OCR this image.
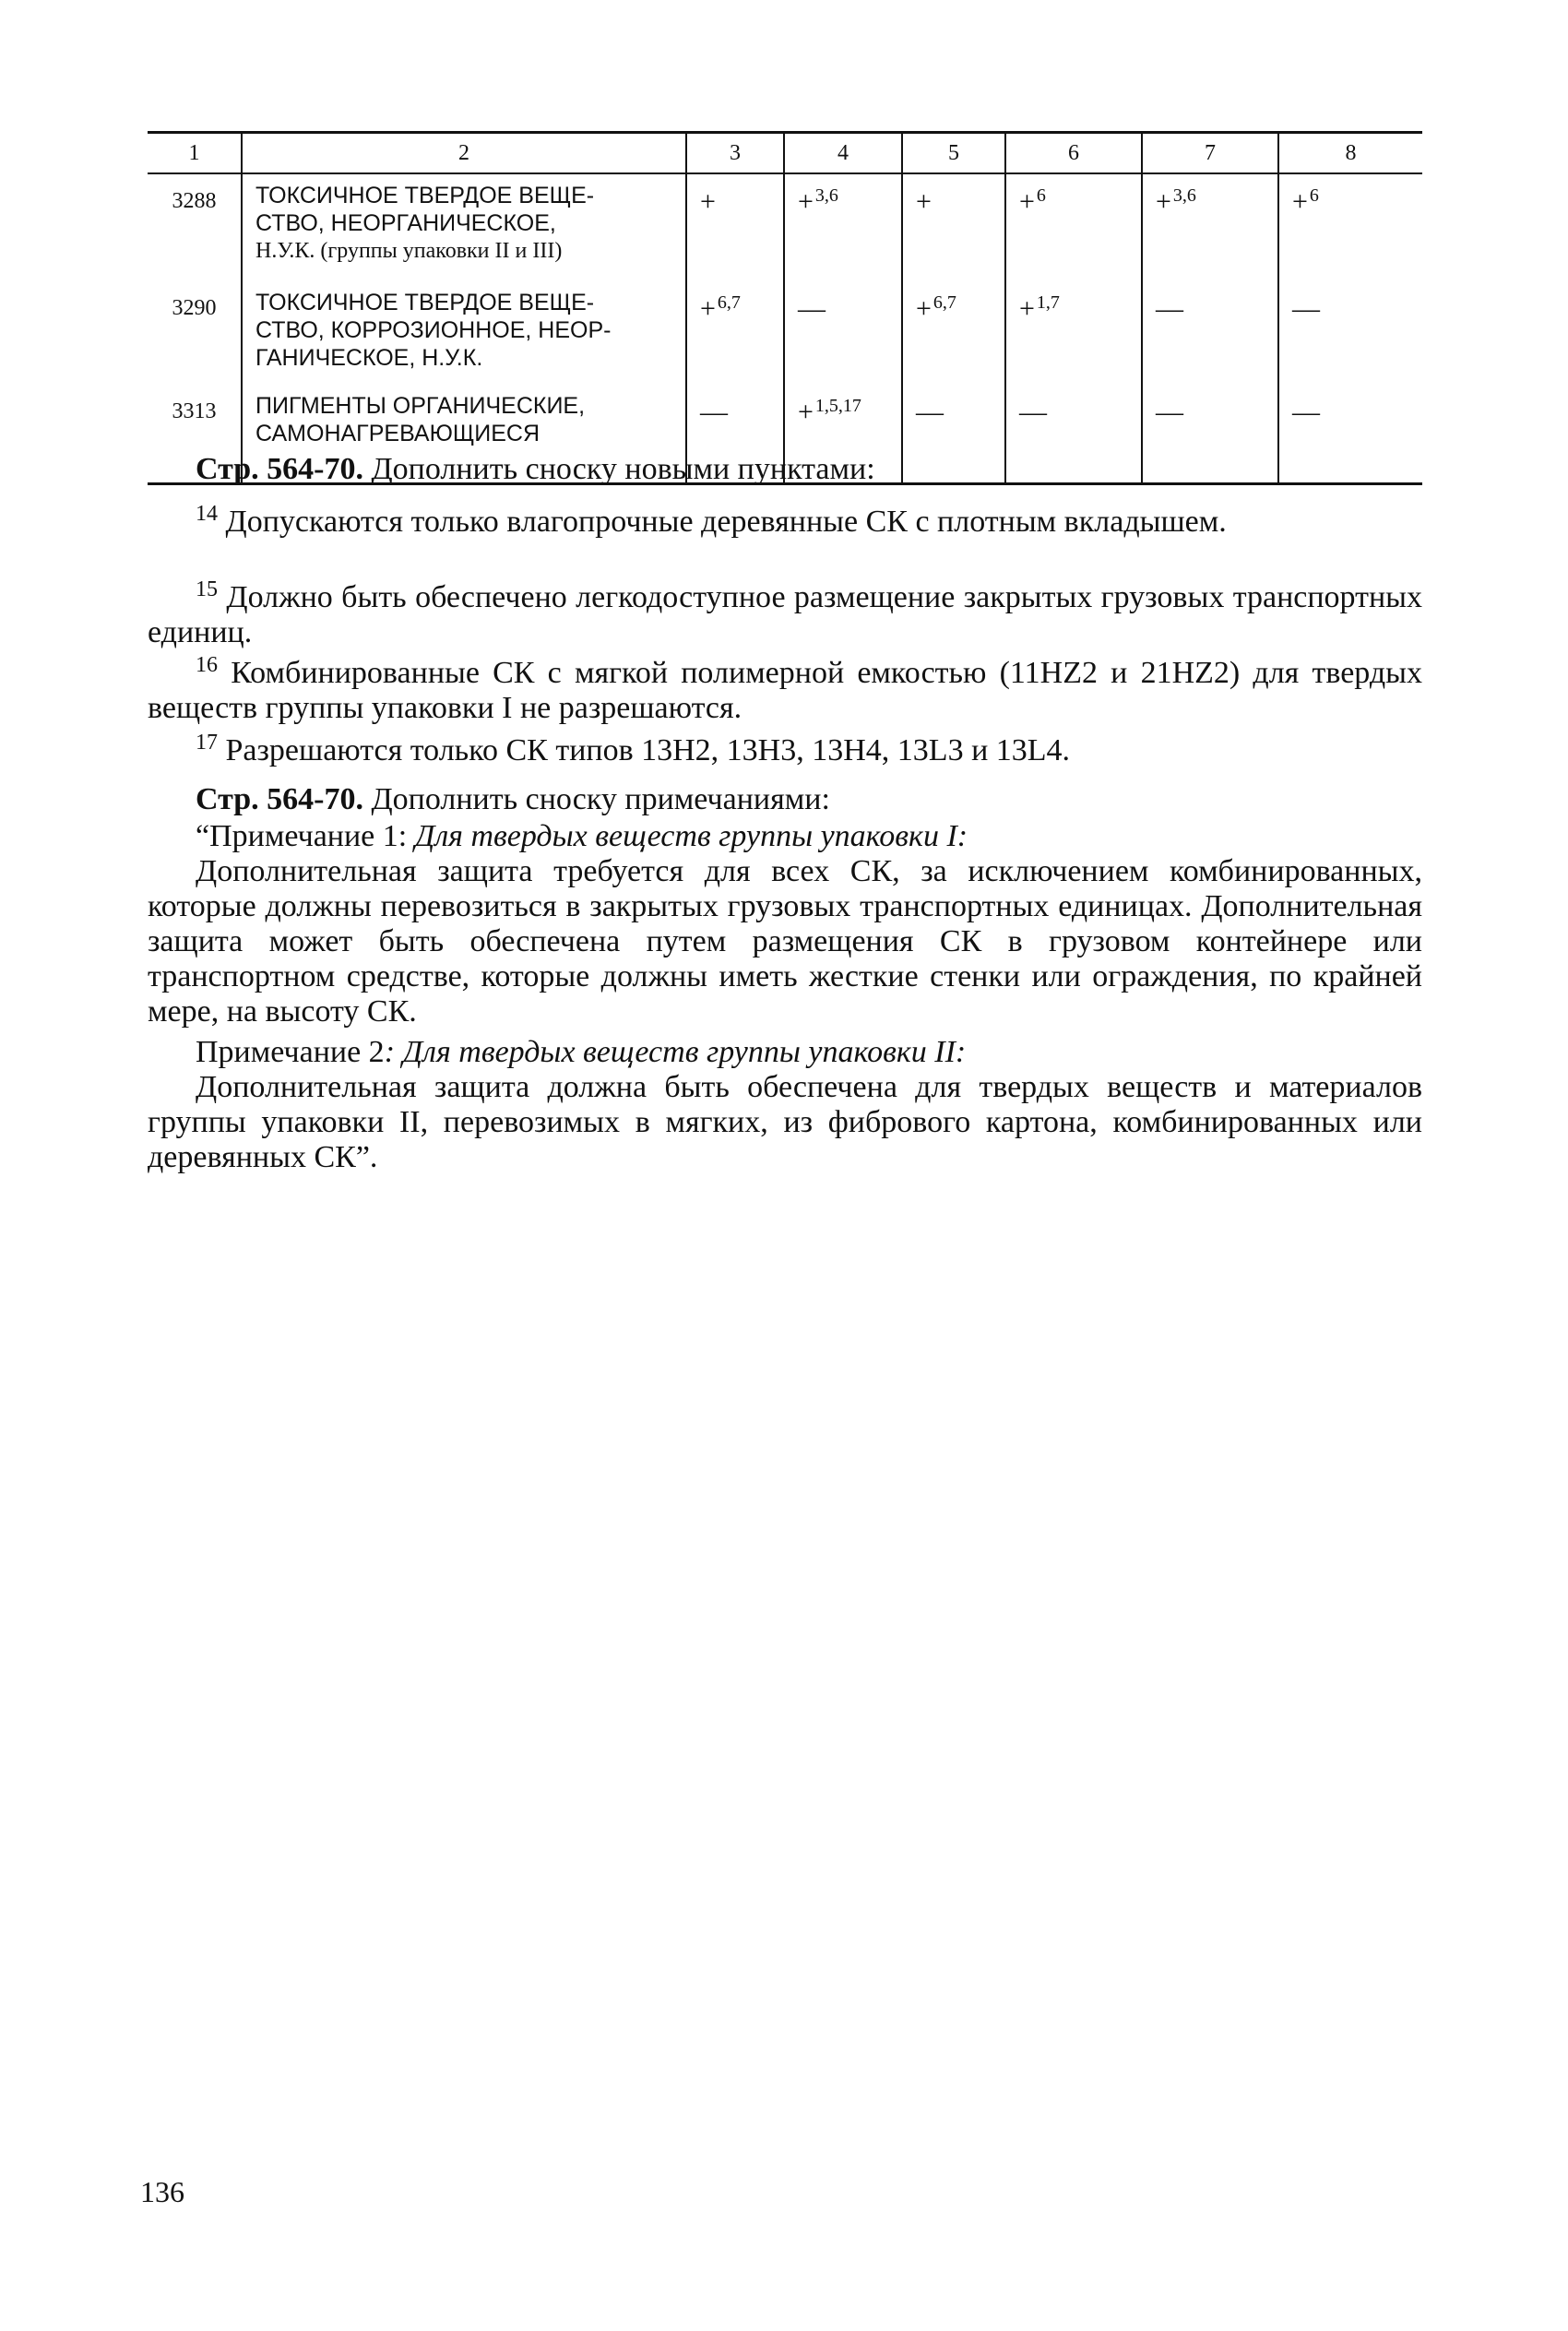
1	2	3	4	5	6	7	8
3288	ТОКСИЧНОЕ ТВЕРДОЕ ВЕЩЕ-
СТВО, НЕОРГАНИЧЕСКОЕ,
Н.У.К. (группы упаковки II и III)	+	+ $^{3,6}$	+	+ $^6$	+ $^{3,6}$	+ $^6$
3290	ТОКСИЧНОЕ ТВЕРДОЕ ВЕЩЕ-
СТВО, КОРРОЗИОННОЕ, НЕОР-
ГАНИЧЕСКОЕ, Н.У.К.	+ $^{6,7}$	—	+ $^{6,7}$	+ $^{1,7}$	—	—
3313	ПИГМЕНТЫ ОРГАНИЧЕСКИЕ,
САМОНАГРЕВАЮЩИЕСЯ	—	+ $^{1,5,17}$	—	—	—	—
Стр. 564-70. Дополнить сноску новыми пунктами:
$^{14}$ Допускаются только влагопрочные деревянные СК с плотным вкладышем.
$^{15}$ Должно быть обеспечено легкодоступное размещение закрытых грузовых транспортных единиц.
$^{16}$ Комбинированные СК с мягкой полимерной емкостью (11HZ2 и 21HZ2) для твердых веществ группы упаковки I не разрешаются.
$^{17}$ Разрешаются только СК типов 13H2, 13H3, 13H4, 13L3 и 13L4.
Стр. 564-70. Дополнить сноску примечаниями:
“Примечание 1: Для твердых веществ группы упаковки I:
Дополнительная защита требуется для всех СК, за исключением комбинированных, которые должны перевозиться в закрытых грузовых транспортных единицах. Дополнительная защита может быть обеспечена путем размещения СК в грузовом контейнере или транспортном средстве, которые должны иметь жесткие стенки или ограждения, по крайней мере, на высоту СК.
Примечание 2: Для твердых веществ группы упаковки II:
Дополнительная защита должна быть обеспечена для твердых веществ и материалов группы упаковки II, перевозимых в мягких, из фибрового картона, комбинированных или деревянных СК”.
136
